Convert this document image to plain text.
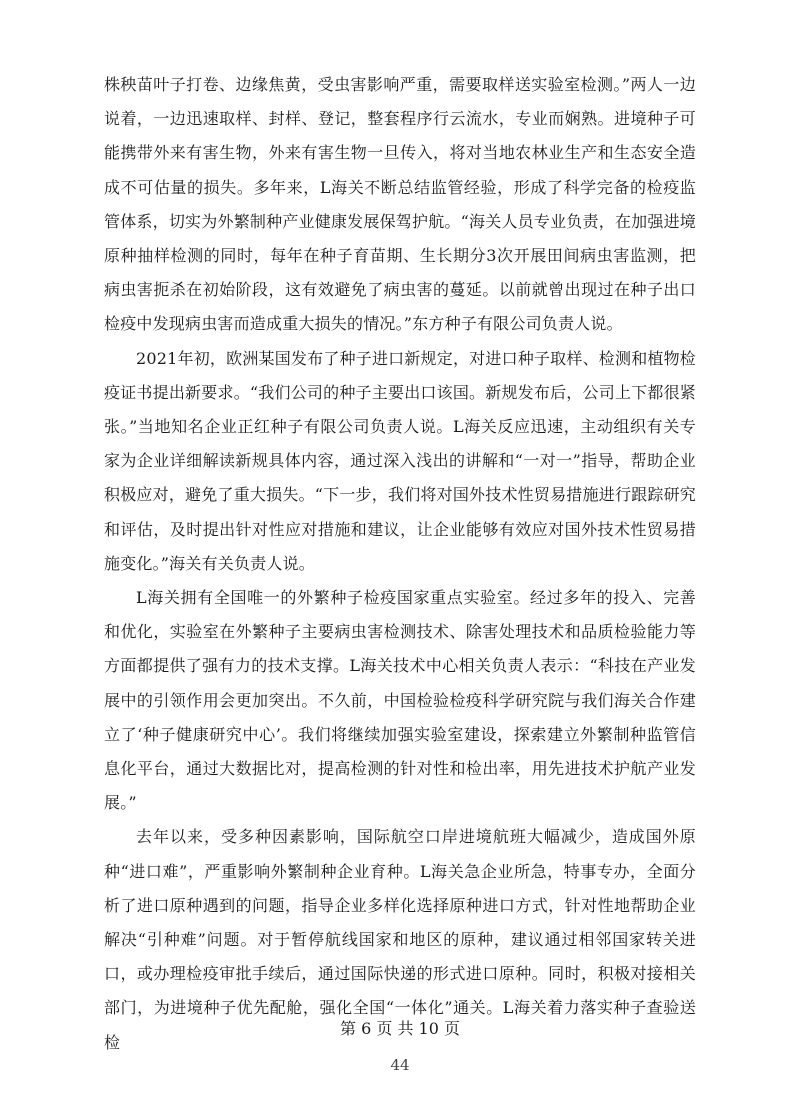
株秧苗叶子打卷、边缘焦黄，受虫害影响严重，需要取样送实验室检测。”两人一边说着，一边迅速取样、封样、登记，整套程序行云流水，专业而娴熟。进境种子可能携带外来有害生物，外来有害生物一旦传入，将对当地农林业生产和生态安全造成不可估量的损失。多年来，L海关不断总结监管经验，形成了科学完备的检疫监管体系，切实为外繁制种产业健康发展保驾护航。“海关人员专业负责，在加强进境原种抽样检测的同时，每年在种子育苗期、生长期分3次开展田间病虫害监测，把病虫害扼杀在初始阶段，这有效避免了病虫害的蔓延。以前就曾出现过在种子出口检疫中发现病虫害而造成重大损失的情况。”东方种子有限公司负责人说。

2021年初，欧洲某国发布了种子进口新规定，对进口种子取样、检测和植物检疫证书提出新要求。“我们公司的种子主要出口该国。新规发布后，公司上下都很紧张。”当地知名企业正红种子有限公司负责人说。L海关反应迅速，主动组织有关专家为企业详细解读新规具体内容，通过深入浅出的讲解和“一对一”指导，帮助企业积极应对，避免了重大损失。“下一步，我们将对国外技术性贸易措施进行跟踪研究和评估，及时提出针对性应对措施和建议，让企业能够有效应对国外技术性贸易措施变化。”海关有关负责人说。

L海关拥有全国唯一的外繁种子检疫国家重点实验室。经过多年的投入、完善和优化，实验室在外繁种子主要病虫害检测技术、除害处理技术和品质检验能力等方面都提供了强有力的技术支撑。L海关技术中心相关负责人表示：“科技在产业发展中的引领作用会更加突出。不久前，中国检验检疫科学研究院与我们海关合作建立了‘种子健康研究中心’。我们将继续加强实验室建设，探索建立外繁制种监管信息化平台，通过大数据比对，提高检测的针对性和检出率，用先进技术护航产业发展。”

去年以来，受多种因素影响，国际航空口岸进境航班大幅减少，造成国外原种“进口难”，严重影响外繁制种企业育种。L海关急企业所急，特事专办，全面分析了进口原种遇到的问题，指导企业多样化选择原种进口方式，针对性地帮助企业解决“引种难”问题。对于暂停航线国家和地区的原种，建议通过相邻国家转关进口，或办理检疫审批手续后，通过国际快递的形式进口原种。同时，积极对接相关部门，为进境种子优先配舱，强化全国“一体化”通关。L海关着力落实种子查验送检

第 6 页 共 10 页
44
